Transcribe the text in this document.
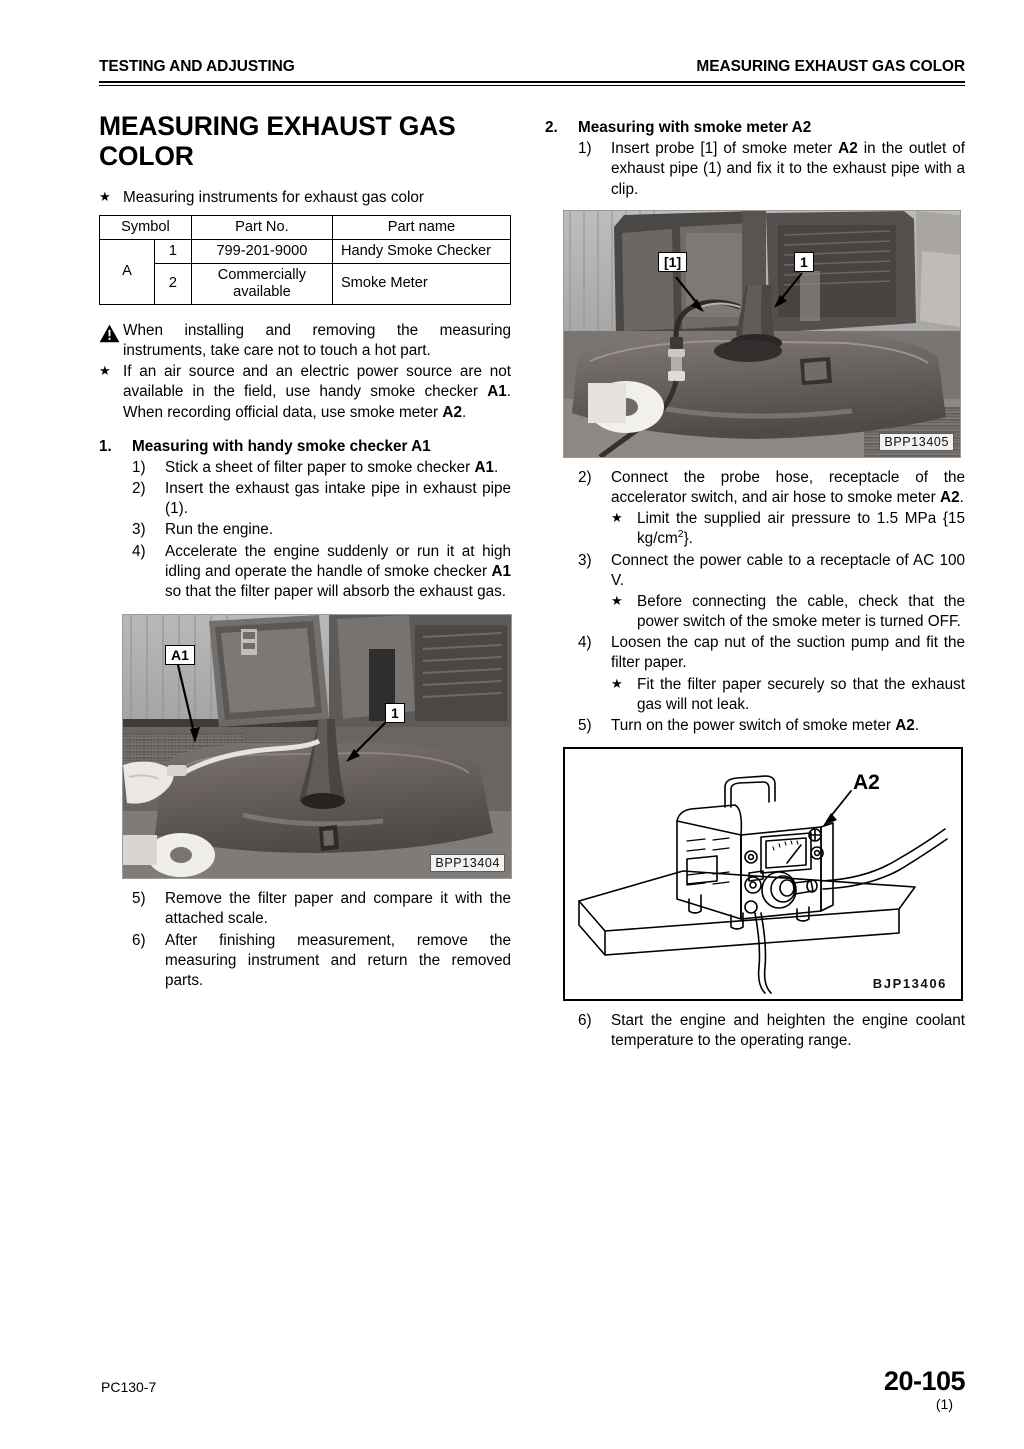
TESTING AND ADJUSTING	MEASURING EXHAUST GAS COLOR
MEASURING EXHAUST GAS COLOR
★ Measuring instruments for exhaust gas color
Symbol		Part No.	Part name
A	1	799-201-9000	Handy Smoke Checker
	2	Commercially available	Smoke Meter
When installing and removing the measuring instruments, take care not to touch a hot part.
★ If an air source and an electric power source are not available in the field, use handy smoke checker A1. When recording official data, use smoke meter A2.
1.	Measuring with handy smoke checker A1
1)	Stick a sheet of filter paper to smoke checker A1.
2)	Insert the exhaust gas intake pipe in exhaust pipe (1).
3)	Run the engine.
4)	Accelerate the engine suddenly or run it at high idling and operate the handle of smoke checker A1 so that the filter paper will absorb the exhaust gas.
A1
1
BPP13404
5)	Remove the filter paper and compare it with the attached scale.
6)	After finishing measurement, remove the measuring instrument and return the removed parts.
2.	Measuring with smoke meter A2
1)	Insert probe [1] of smoke meter A2 in the outlet of exhaust pipe (1) and fix it to the exhaust pipe with a clip.
[1]	1
BPP13405
2)	Connect the probe hose, receptacle of the accelerator switch, and air hose to smoke meter A2.
★ Limit the supplied air pressure to 1.5 MPa {15 $kg/cm^2$}.
3)	Connect the power cable to a receptacle of AC 100 V.
★ Before connecting the cable, check that the power switch of the smoke meter is turned OFF.
4)	Loosen the cap nut of the suction pump and fit the filter paper.
★ Fit the filter paper securely so that the exhaust gas will not leak.
5)	Turn on the power switch of smoke meter A2.
A2
BJP13406
6)	Start the engine and heighten the engine coolant temperature to the operating range.
PC130-7	20-105
(1)
